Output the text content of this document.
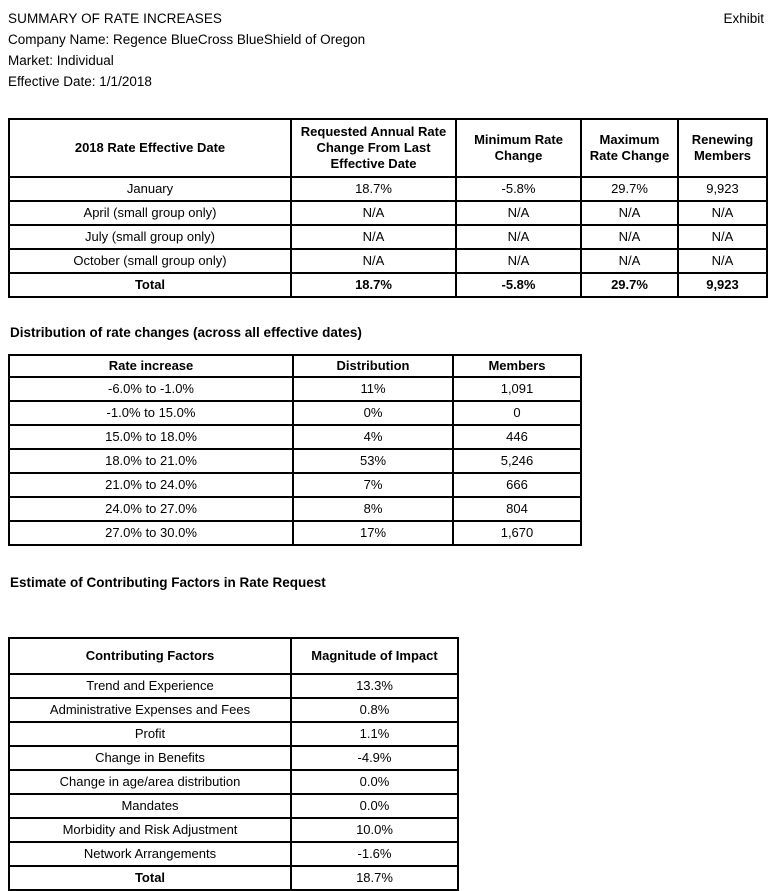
SUMMARY OF RATE INCREASES	Exhibit
Company Name: Regence BlueCross BlueShield of Oregon
Market: Individual
Effective Date: 1/1/2018
2018 Rate Effective Date	Requested Annual Rate Change From Last Effective Date	Minimum Rate Change	Maximum Rate Change	Renewing Members
January	18.7%	-5.8%	29.7%	9,923
April (small group only)	N/A	N/A	N/A	N/A
July (small group only)	N/A	N/A	N/A	N/A
October (small group only)	N/A	N/A	N/A	N/A
Total	18.7%	-5.8%	29.7%	9,923
Distribution of rate changes (across all effective dates)
Rate increase	Distribution	Members
-6.0% to -1.0%	11%	1,091
-1.0% to 15.0%	0%	0
15.0% to 18.0%	4%	446
18.0% to 21.0%	53%	5,246
21.0% to 24.0%	7%	666
24.0% to 27.0%	8%	804
27.0% to 30.0%	17%	1,670
Estimate of Contributing Factors in Rate Request
Contributing Factors	Magnitude of Impact
Trend and Experience	13.3%
Administrative Expenses and Fees	0.8%
Profit	1.1%
Change in Benefits	-4.9%
Change in age/area distribution	0.0%
Mandates	0.0%
Morbidity and Risk Adjustment	10.0%
Network Arrangements	-1.6%
Total	18.7%
